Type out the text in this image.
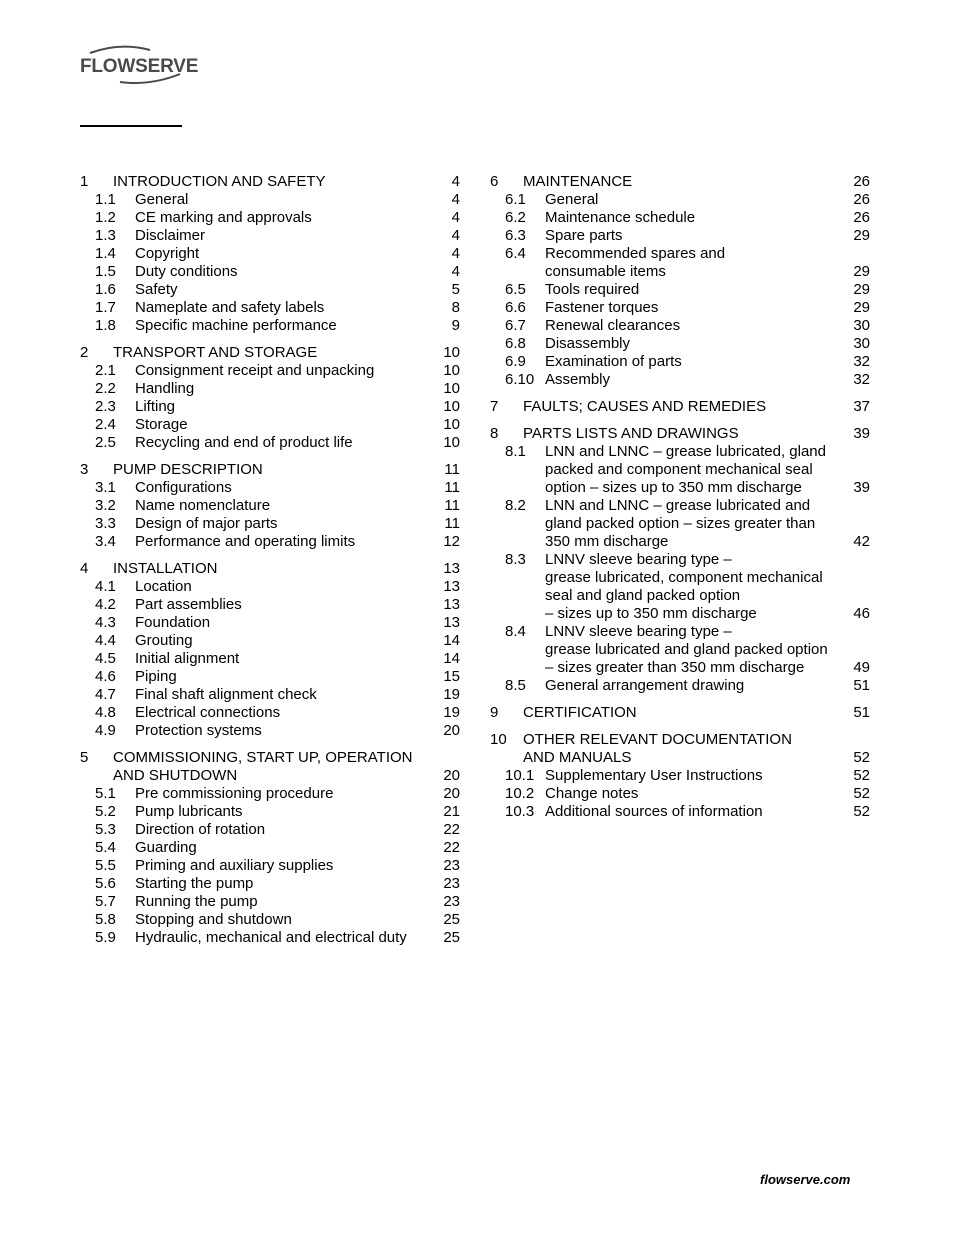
FLOWSERVE
1 INTRODUCTION AND SAFETY	4
1.1 General	4
1.2 CE marking and approvals	4
1.3 Disclaimer	4
1.4 Copyright	4
1.5 Duty conditions	4
1.6 Safety	5
1.7 Nameplate and safety labels	8
1.8 Specific machine performance	9
2 TRANSPORT AND STORAGE	10
2.1 Consignment receipt and unpacking	10
2.2 Handling	10
2.3 Lifting	10
2.4 Storage	10
2.5 Recycling and end of product life	10
3 PUMP DESCRIPTION	11
3.1 Configurations	11
3.2 Name nomenclature	11
3.3 Design of major parts	11
3.4 Performance and operating limits	12
4 INSTALLATION	13
4.1 Location	13
4.2 Part assemblies	13
4.3 Foundation	13
4.4 Grouting	14
4.5 Initial alignment	14
4.6 Piping	15
4.7 Final shaft alignment check	19
4.8 Electrical connections	19
4.9 Protection systems	20
5	COMMISSIONING, START UP, OPERATION
AND SHUTDOWN	20
5.1 Pre commissioning procedure	20
5.2 Pump lubricants	21
5.3 Direction of rotation	22
5.4 Guarding	22
5.5 Priming and auxiliary supplies	23
5.6 Starting the pump	23
5.7 Running the pump	23
5.8 Stopping and shutdown	25
5.9 Hydraulic, mechanical and electrical duty 25
6 MAINTENANCE	26
6.1 General	26
6.2 Maintenance schedule	26
6.3 Spare parts	29
6.4	Recommended spares and
consumable items	29
6.5 Tools required	29
6.6 Fastener torques	29
6.7 Renewal clearances	30
6.8 Disassembly	30
6.9 Examination of parts	32
6.10 Assembly	32
7 FAULTS; CAUSES AND REMEDIES	37
8 PARTS LISTS AND DRAWINGS	39
8.1	LNN and LNNC – grease lubricated, gland
packed and component mechanical seal
option – sizes up to 350 mm discharge	39
8.2	LNN and LNNC – grease lubricated and
gland packed option – sizes greater than
350 mm discharge	42
8.3	LNNV sleeve bearing type –
grease lubricated, component mechanical
seal and gland packed option
– sizes up to 350 mm discharge	46
8.4	LNNV sleeve bearing type –
grease lubricated and gland packed option
– sizes greater than 350 mm discharge	49
8.5 General arrangement drawing	51
9 CERTIFICATION	51
10	OTHER RELEVANT DOCUMENTATION
AND MANUALS	52
10.1 Supplementary User Instructions	52
10.2 Change notes	52
10.3 Additional sources of information	52
flowserve.com
